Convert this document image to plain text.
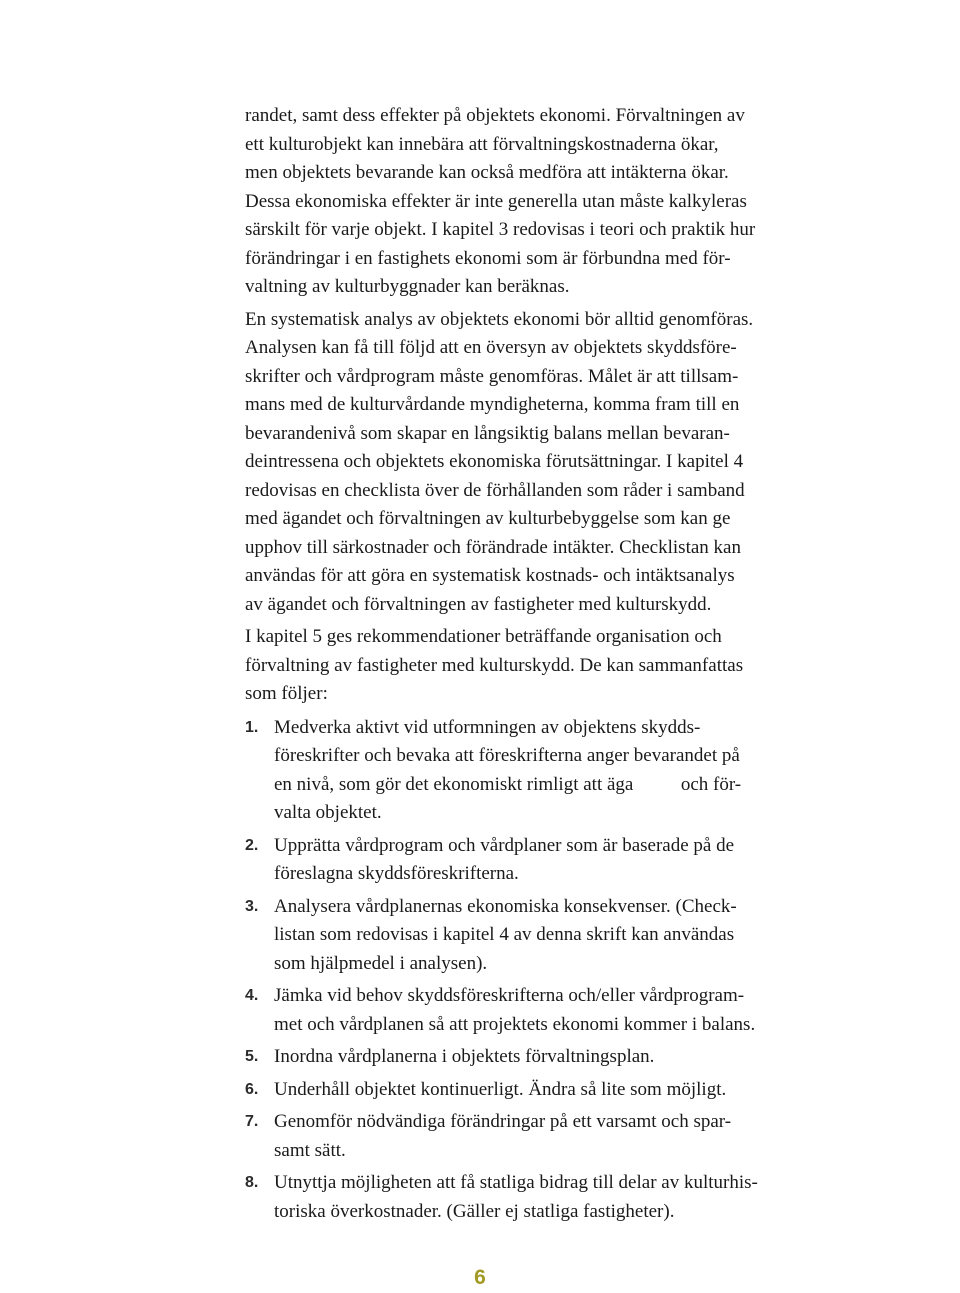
randet, samt dess effekter på objektets ekonomi. Förvaltningen av
ett kulturobjekt kan innebära att förvaltningskostnaderna ökar,
men objektets bevarande kan också medföra att intäkterna ökar.
Dessa ekonomiska effekter är inte generella utan måste kalkyleras
särskilt för varje objekt. I kapitel 3 redovisas i teori och praktik hur
förändringar i en fastighets ekonomi som är förbundna med för-
valtning av kulturbyggnader kan beräknas.

En systematisk analys av objektets ekonomi bör alltid genomföras.
Analysen kan få till följd att en översyn av objektets skyddsföre-
skrifter och vårdprogram måste genomföras. Målet är att tillsam-
mans med de kulturvårdande myndigheterna, komma fram till en
bevarandenivå som skapar en långsiktig balans mellan bevaran-
deintressena och objektets ekonomiska förutsättningar. I kapitel 4
redovisas en checklista över de förhållanden som råder i samband
med ägandet och förvaltningen av kulturbebyggelse som kan ge
upphov till särkostnader och förändrade intäkter. Checklistan kan
användas för att göra en systematisk kostnads- och intäktsanalys
av ägandet och förvaltningen av fastigheter med kulturskydd.

I kapitel 5 ges rekommendationer beträffande organisation och
förvaltning av fastigheter med kulturskydd. De kan sammanfattas
som följer:

1. Medverka aktivt vid utformningen av objektens skydds-
föreskrifter och bevaka att föreskrifterna anger bevarandet på
en nivå, som gör det ekonomiskt rimligt att äga          och för-
valta objektet.
2. Upprätta vårdprogram och vårdplaner som är baserade på de
föreslagna skyddsföreskrifterna.
3. Analysera vårdplanernas ekonomiska konsekvenser. (Check-
listan som redovisas i kapitel 4 av denna skrift kan användas
som hjälpmedel i analysen).
4. Jämka vid behov skyddsföreskrifterna och/eller vårdprogram-
met och vårdplanen så att projektets ekonomi kommer i balans.
5. Inordna vårdplanerna i objektets förvaltningsplan.
6. Underhåll objektet kontinuerligt. Ändra så lite som möjligt.
7. Genomför nödvändiga förändringar på ett varsamt och spar-
samt sätt.
8. Utnyttja möjligheten att få statliga bidrag till delar av kulturhis-
toriska överkostnader. (Gäller ej statliga fastigheter).
6
